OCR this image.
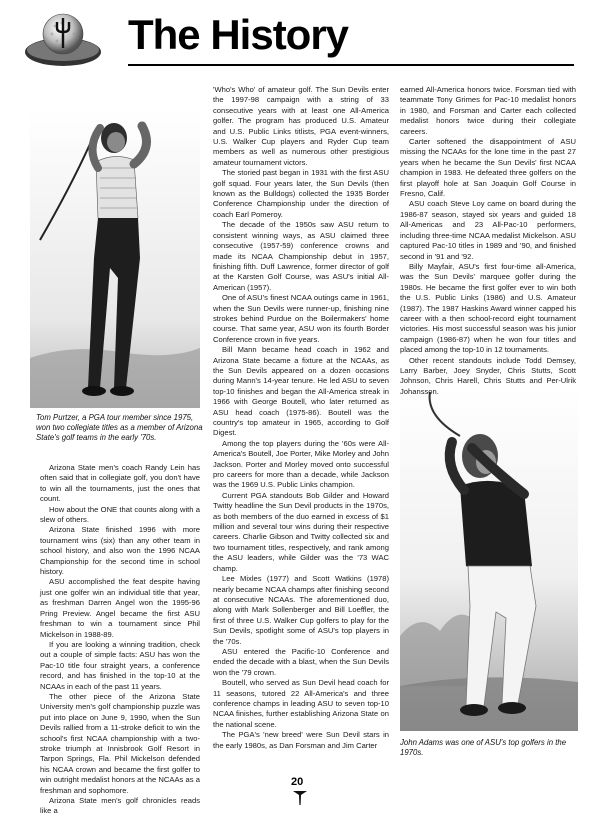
The History
Tom Purtzer, a PGA tour member since 1975, won two collegiate titles as a member of Arizona State's golf teams in the early '70s.
John Adams was one of ASU's top golfers in the 1970s.

Arizona State men's coach Randy Lein has often said that in collegiate golf, you don't have to win all the tournaments, just the ones that count.

How about the ONE that counts along with a slew of others.

Arizona State finished 1996 with more tournament wins (six) than any other team in school history, and also won the 1996 NCAA Championship for the second time in school history.

ASU accomplished the feat despite having just one golfer win an individual title that year, as freshman Darren Angel won the 1995-96 Pring Preview. Angel became the first ASU freshman to win a tournament since Phil Mickelson in 1988-89.

If you are looking a winning tradition, check out a couple of simple facts: ASU has won the Pac-10 title four straight years, a conference record, and has finished in the top-10 at the NCAAs in each of the past 11 years.

The other piece of the Arizona State University men's golf championship puzzle was put into place on June 9, 1990, when the Sun Devils rallied from a 11-stroke deficit to win the school's first NCAA championship with a two-stroke triumph at Innisbrook Golf Resort in Tarpon Springs, Fla. Phil Mickelson defended his NCAA crown and became the first golfer to win outright medalist honors at the NCAAs as a freshman and sophomore.

Arizona State men's golf chronicles reads like a

'Who's Who' of amateur golf. The Sun Devils enter the 1997-98 campaign with a string of 33 consecutive years with at least one All-America golfer. The program has produced U.S. Amateur and U.S. Public Links titlists, PGA event-winners, U.S. Walker Cup players and Ryder Cup team members as well as numerous other prestigious amateur tournament victors.

The storied past began in 1931 with the first ASU golf squad. Four years later, the Sun Devils (then known as the Bulldogs) collected the 1935 Border Conference Championship under the direction of coach Earl Pomeroy.

The decade of the 1950s saw ASU return to consistent winning ways, as ASU claimed three consecutive (1957-59) conference crowns and made its NCAA Championship debut in 1957, finishing fifth. Duff Lawrence, former director of golf at the Karsten Golf Course, was ASU's initial All-American (1957).

One of ASU's finest NCAA outings came in 1961, when the Sun Devils were runner-up, finishing nine strokes behind Purdue on the Boilermakers' home course. That same year, ASU won its fourth Border Conference crown in five years.

Bill Mann became head coach in 1962 and Arizona State became a fixture at the NCAAs, as the Sun Devils appeared on a dozen occasions during Mann's 14-year tenure. He led ASU to seven top-10 finishes and began the All-America streak in 1966 with George Boutell, who later returned as ASU head coach (1975-86). Boutell was the country's top amateur in 1965, according to Golf Digest.

Among the top players during the '60s were All-America's Boutell, Joe Porter, Mike Morley and John Jackson. Porter and Morley moved onto successful pro careers for more than a decade, while Jackson was the 1969 U.S. Public Links champion.

Current PGA standouts Bob Gilder and Howard Twitty headline the Sun Devil products in the 1970s, as both members of the duo earned in excess of $1 million and several tour wins during their respective careers. Charlie Gibson and Twitty collected six and two tournament titles, respectively, and rank among the ASU leaders, while Gilder was the '73 WAC champ.

Lee Mixles (1977) and Scott Watkins (1978) nearly became NCAA champs after finishing second at consecutive NCAAs. The aforementioned duo, along with Mark Sollenberger and Bill Loeffler, the first of three U.S. Walker Cup golfers to play for the Sun Devils, spotlight some of ASU's top players in the '70s.

ASU entered the Pacific-10 Conference and ended the decade with a blast, when the Sun Devils won the '79 crown.

Boutell, who served as Sun Devil head coach for 11 seasons, tutored 22 All-America's and three conference champs in leading ASU to seven top-10 NCAA finishes, further establishing Arizona State on the national scene.

The PGA's 'new breed' were Sun Devil stars in the early 1980s, as Dan Forsman and Jim Carter

earned All-America honors twice. Forsman tied with teammate Tony Grimes for Pac-10 medalist honors in 1980, and Forsman and Carter each collected medalist honors twice during their collegiate careers.

Carter softened the disappointment of ASU missing the NCAAs for the lone time in the past 27 years when he became the Sun Devils' first NCAA champion in 1983. He defeated three golfers on the first playoff hole at San Joaquin Golf Course in Fresno, Calif.

ASU coach Steve Loy came on board during the 1986-87 season, stayed six years and guided 18 All-Americas and 23 All-Pac-10 performers, including three-time NCAA medalist Mickelson. ASU captured Pac-10 titles in 1989 and '90, and finished second in '91 and '92.

Billy Mayfair, ASU's first four-time all-America, was the Sun Devils' marquee golfer during the 1980s. He became the first golfer ever to win both the U.S. Public Links (1986) and U.S. Amateur (1987). The 1987 Haskins Award winner capped his career with a then school-record eight tournament victories. His most successful season was his junior campaign (1986-87) when he won four titles and placed among the top-10 in 12 tournaments.

Other recent standouts include Todd Demsey, Larry Barber, Joey Snyder, Chris Stutts, Scott Johnson, Chris Harell, Chris Stutts and Per-Ulrik Johansson.

20
